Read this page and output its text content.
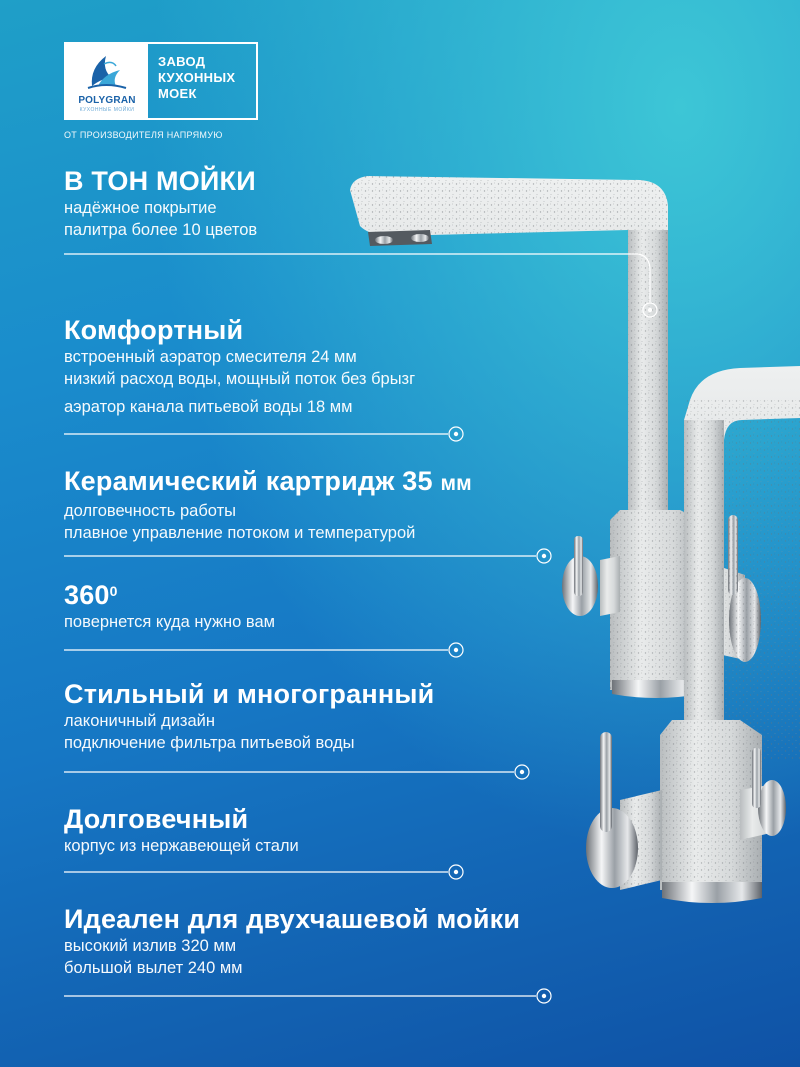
POLYGRAN
КУХОННЫЕ МОЙКИ
ЗАВОД
КУХОННЫХ
МОЕК
ОТ ПРОИЗВОДИТЕЛЯ НАПРЯМУЮ
В ТОН МОЙКИ
надёжное покрытие
палитра более 10 цветов
Комфортный
встроенный аэратор смесителя 24 мм
низкий расход воды, мощный поток без брызг
аэратор канала питьевой воды 18 мм
Керамический картридж 35 мм
долговечность работы
плавное управление потоком и температурой
$360^0$
повернется куда нужно вам
Стильный и многогранный
лаконичный дизайн
подключение фильтра питьевой воды
Долговечный
корпус из нержавеющей стали
Идеален для двухчашевой мойки
высокий излив 320 мм
большой вылет 240 мм
